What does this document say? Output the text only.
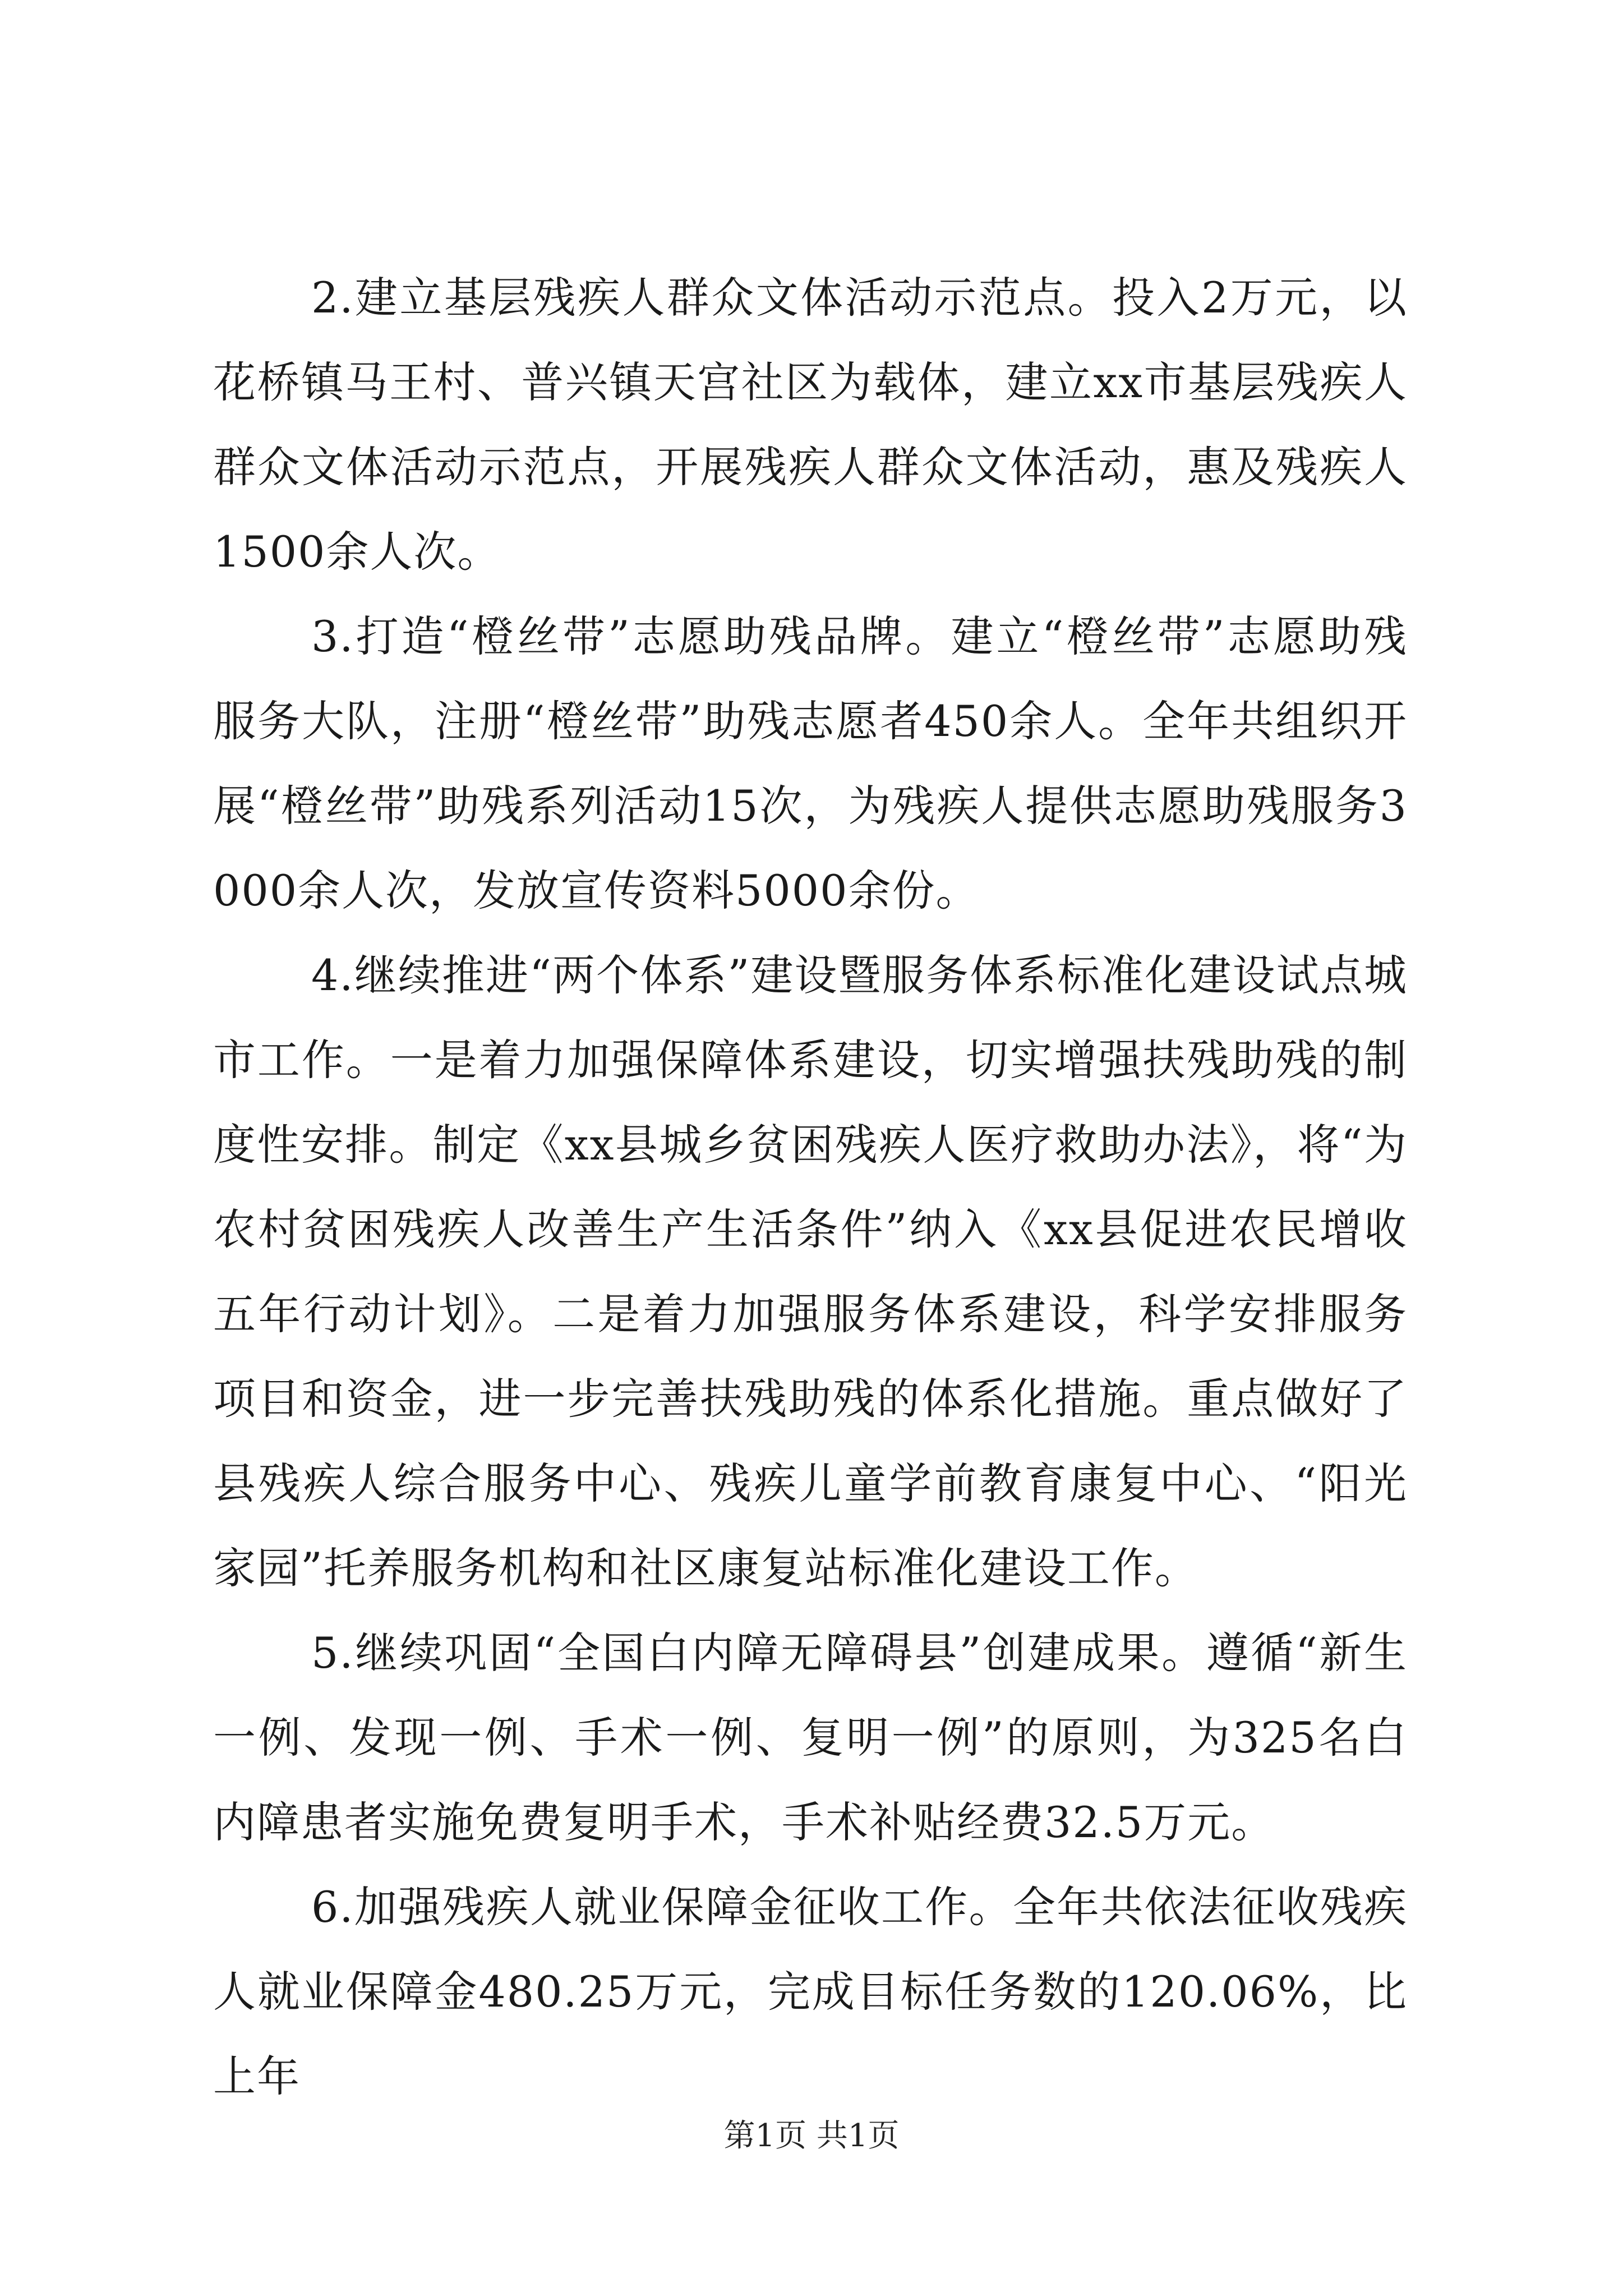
2.建立基层残疾人群众文体活动示范点。投入2万元，以花桥镇马王村、普兴镇天宫社区为载体，建立xx市基层残疾人群众文体活动示范点，开展残疾人群众文体活动，惠及残疾人1500余人次。

3.打造“橙丝带”志愿助残品牌。建立“橙丝带”志愿助残服务大队，注册“橙丝带”助残志愿者450余人。全年共组织开展“橙丝带”助残系列活动15次，为残疾人提供志愿助残服务3000余人次，发放宣传资料5000余份。

4.继续推进“两个体系”建设暨服务体系标准化建设试点城市工作。一是着力加强保障体系建设，切实增强扶残助残的制度性安排。制定《xx县城乡贫困残疾人医疗救助办法》，将“为农村贫困残疾人改善生产生活条件”纳入《xx县促进农民增收五年行动计划》。二是着力加强服务体系建设，科学安排服务项目和资金，进一步完善扶残助残的体系化措施。重点做好了县残疾人综合服务中心、残疾儿童学前教育康复中心、“阳光家园”托养服务机构和社区康复站标准化建设工作。

5.继续巩固“全国白内障无障碍县”创建成果。遵循“新生一例、发现一例、手术一例、复明一例”的原则，为325名白内障患者实施免费复明手术，手术补贴经费32.5万元。

6.加强残疾人就业保障金征收工作。全年共依法征收残疾人就业保障金480.25万元，完成目标任务数的120.06%，比上年

第1页 共1页
